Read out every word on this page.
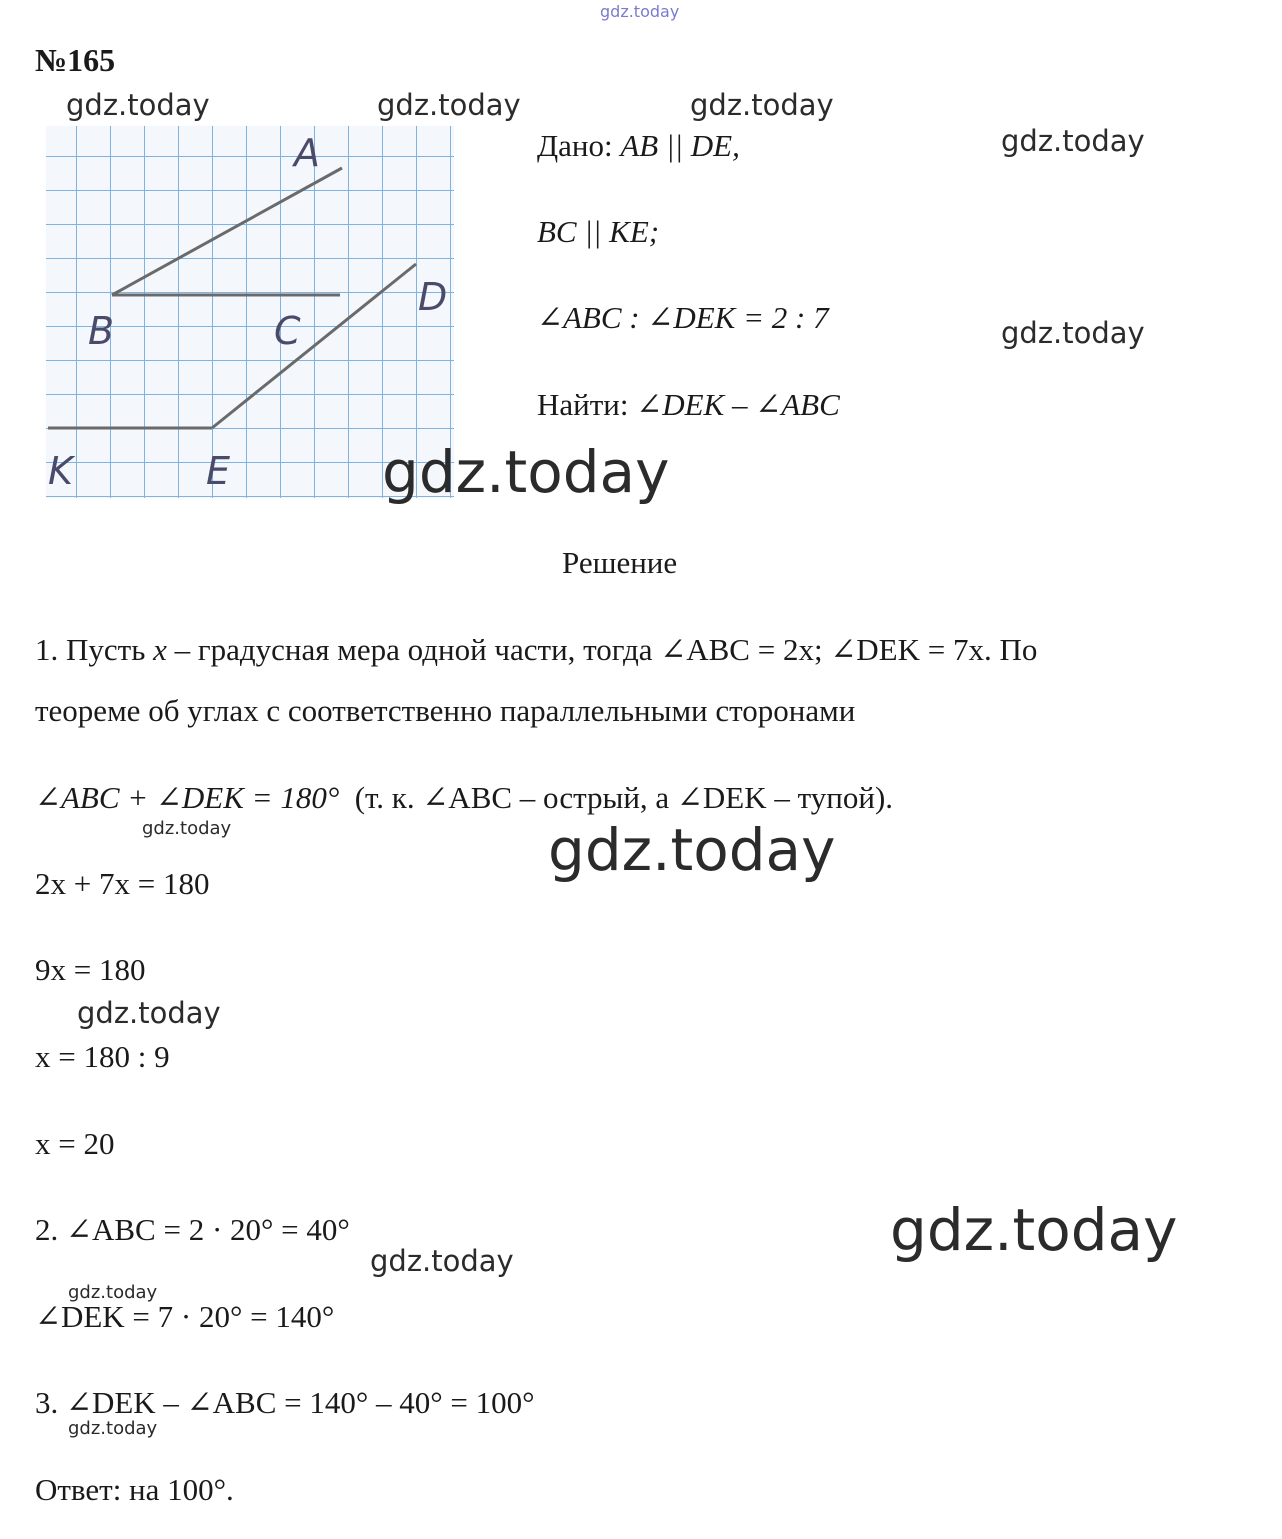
gdz.today
№165
A
B	C
D
E
K
gdz.today	gdz.today	gdz.today
gdz.today
gdz.today
gdz.today
Дано: AB || DE,
BC || KE;
∠ABC : ∠DEK = 2 : 7
Найти: ∠DEK – ∠ABC
Решение
1. Пусть x – градусная мера одной части, тогда ∠ABC = 2x; ∠DEK = 7x. По
теореме об углах с соответственно параллельными сторонами
∠ABC + ∠DEK = 180° (т. к. ∠ABC – острый, а ∠DEK – тупой).
gdz.today	gdz.today
2x + 7x = 180
9x = 180
gdz.today
x = 180 : 9
x = 20
gdz.today
2. ∠ABC = 2 · 20° = 40°
gdz.today
gdz.today
∠DEK = 7 · 20° = 140°
3. ∠DEK – ∠ABC = 140° – 40° = 100°
gdz.today
Ответ: на 100°.
